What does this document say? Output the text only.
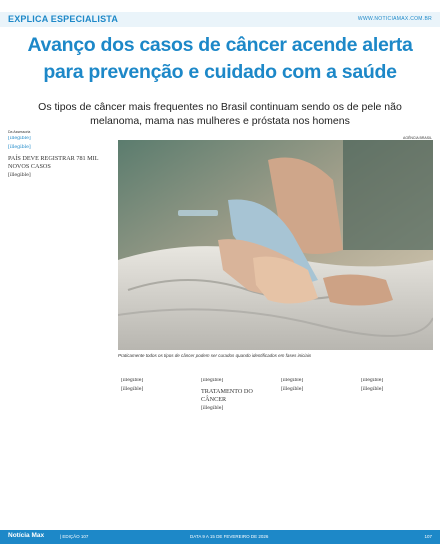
EXPLICA ESPECIALISTA	WWW.NOTICIAMAX.COM.BR
Avanço dos casos de câncer acende alerta para prevenção e cuidado com a saúde

Os tipos de câncer mais frequentes no Brasil continuam sendo os de pele não melanoma, mama nas mulheres e próstata nos homens

Da Assessoria
AGÊNCIA BRASIL

[illegible]

[illegible]

PAÍS DEVE REGISTRAR 781 MIL NOVOS CASOS

[illegible]

Praticamente todos os tipos de câncer podem ser curados quando identificados em fases iniciais

[illegible]

[illegible]

[illegible]

TRATAMENTO DO CÂNCER

[illegible]

[illegible]

[illegible]

[illegible]

[illegible]

Notícia Max	| EDIÇÃO 107	DATA 9 A 15 DE FEVEREIRO DE 2026	107
